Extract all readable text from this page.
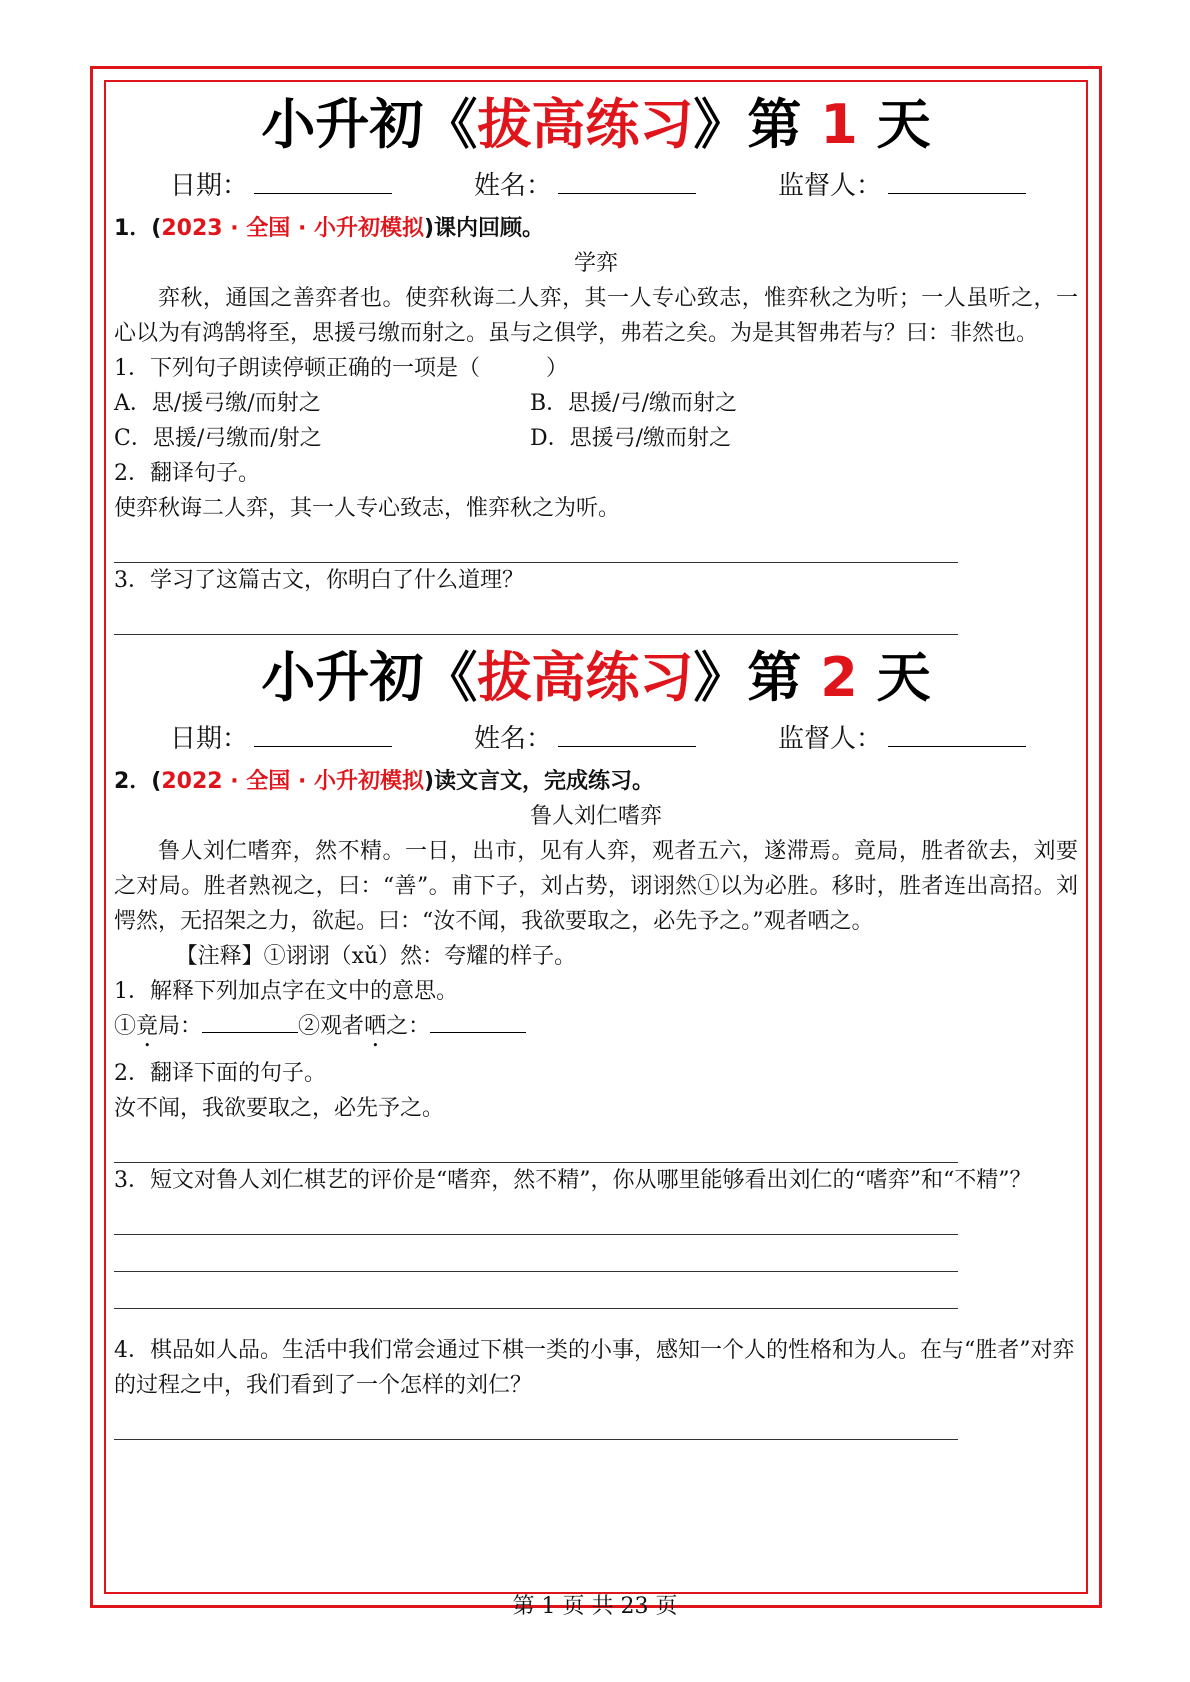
小升初《拔高练习》第 1 天
日期：	姓名：	监督人：

1．(2023 · 全国 · 小升初模拟)课内回顾。

学弈

弈秋，通国之善弈者也。使弈秋诲二人弈，其一人专心致志，惟弈秋之为听；一人虽听之，一心以为有鸿鹄将至，思援弓缴而射之。虽与之俱学，弗若之矣。为是其智弗若与？曰：非然也。

1．下列句子朗读停顿正确的一项是（　　　）

A．思/援弓缴/而射之	B．思援/弓/缴而射之
C．思援/弓缴而/射之	D．思援弓/缴而射之

2．翻译句子。

使弈秋诲二人弈，其一人专心致志，惟弈秋之为听。

3．学习了这篇古文，你明白了什么道理？

小升初《拔高练习》第 2 天
日期：	姓名：	监督人：

2．(2022 · 全国 · 小升初模拟)读文言文，完成练习。

鲁人刘仁嗜弈

鲁人刘仁嗜弈，然不精。一日，出市，见有人弈，观者五六，遂滞焉。竟局，胜者欲去，刘要之对局。胜者熟视之，曰：“善”。甫下子，刘占势，诩诩然①以为必胜。移时，胜者连出高招。刘愕然，无招架之力，欲起。曰：“汝不闻，我欲要取之，必先予之。”观者哂之。

【注释】①诩诩（xǔ）然：夸耀的样子。

1．解释下列加点字在文中的意思。

①竟局：	②观者哂之：

2．翻译下面的句子。

汝不闻，我欲要取之，必先予之。

3．短文对鲁人刘仁棋艺的评价是“嗜弈，然不精”，你从哪里能够看出刘仁的“嗜弈”和“不精”？

4．棋品如人品。生活中我们常会通过下棋一类的小事，感知一个人的性格和为人。在与“胜者”对弈的过程之中，我们看到了一个怎样的刘仁？

第 1 页 共 23 页
